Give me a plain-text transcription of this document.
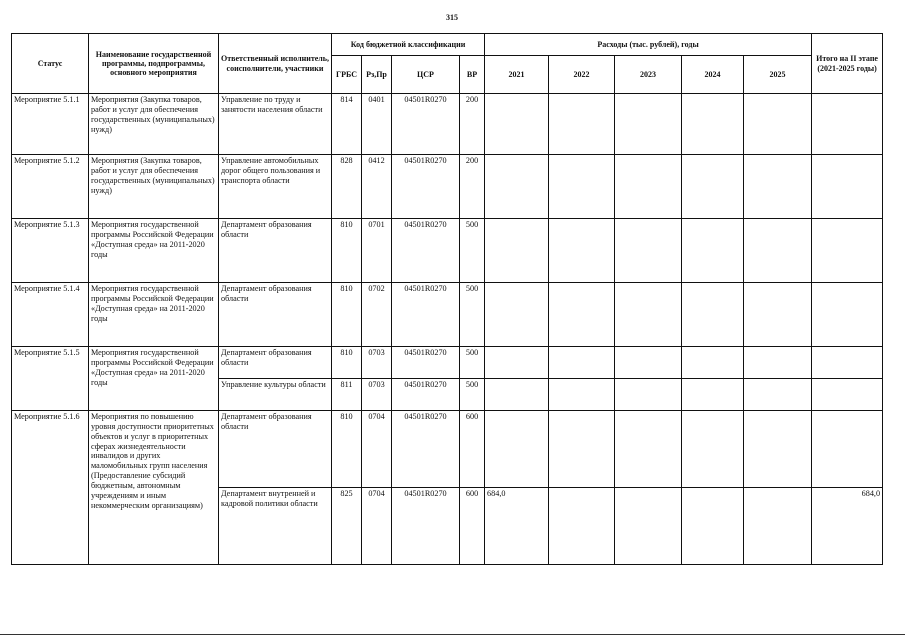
315
Статус	Наименование государственной программы, подпрограммы, основного мероприятия	Ответственный исполнитель, соисполнители, участники	Код бюджетной классификации				Расходы (тыс. рублей), годы					Итого на II этапе (2021-2025 годы)
			ГРБС	Рз,Пр	ЦСР	ВР	2021	2022	2023	2024	2025	
Мероприятие 5.1.1	Мероприятия (Закупка товаров, работ и услуг для обеспечения государственных (муниципальных) нужд)	Управление по труду и занятости населения области	814	0401	04501R0270	200						
Мероприятие 5.1.2	Мероприятия (Закупка товаров, работ и услуг для обеспечения государственных (муниципальных) нужд)	Управление автомобильных дорог общего пользования и транспорта области	828	0412	04501R0270	200						
Мероприятие 5.1.3	Мероприятия государственной программы Российской Федерации «Доступная среда» на 2011-2020 годы	Департамент образования области	810	0701	04501R0270	500						
Мероприятие 5.1.4	Мероприятия государственной программы Российской Федерации «Доступная среда» на 2011-2020 годы	Департамент образования области	810	0702	04501R0270	500						
Мероприятие 5.1.5	Мероприятия государственной программы Российской Федерации «Доступная среда» на 2011-2020 годы	Департамент образования области	810	0703	04501R0270	500						
		Управление культуры области	811	0703	04501R0270	500						
Мероприятие 5.1.6	Мероприятия по повышению уровня доступности приоритетных объектов и услуг в приоритетных сферах жизнедеятельности инвалидов и других маломобильных групп населения (Предоставление субсидий бюджетным, автономным учреждениям и иным некоммерческим организациям)	Департамент образования области	810	0704	04501R0270	600						
		Департамент внутренней и кадровой политики области	825	0704	04501R0270	600	684,0					684,0
